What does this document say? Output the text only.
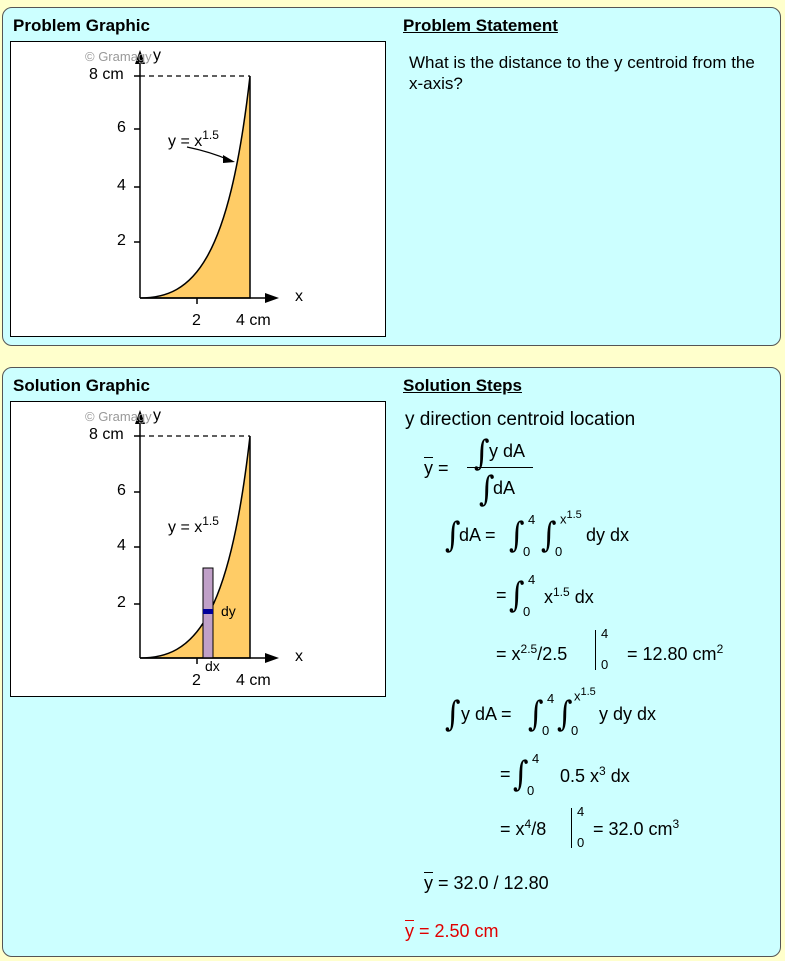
Problem Graphic	Problem Statement
© Gramagy y
8 cm
6
4
2
2 4 cm
x
$y = x^{1.5}$
What is the distance to the y centroid from the x-axis?
Solution Graphic	Solution Steps
© Gramagy y
8 cm
6
4
2
2 4 cm
x
dx
dy
$y = x^{1.5}$
y direction centroid location
$\overline{y}$ = ∫ y dA
∫
dA
∫
dA = ∫ 4
0 ∫ $x^{1.5}$
0
dy dx
= ∫ 4
0
$x^{1.5}$ dx
= $x^{2.5}/2.5$
4
0
= 12.80 $cm^2$
∫ y dA = ∫ 4
0 ∫ $x^{1.5}$
0
y dy dx
= ∫ 4
0
0.5 $x^3$ dx
= $x^4/8$
4
0
= 32.0 $cm^3$
$\overline{y} = 32.0 / 12.80$
$\overline{y} = 2.50$ cm
